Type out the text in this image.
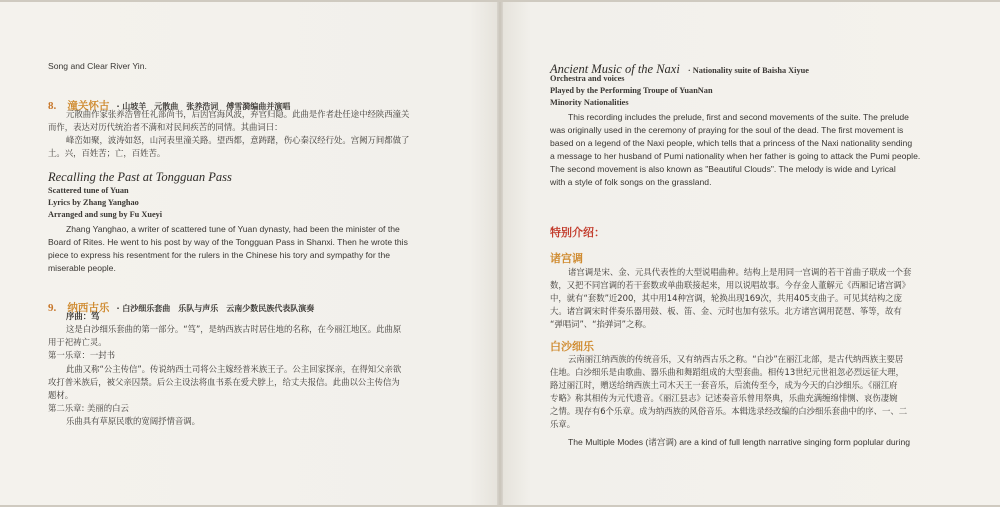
Song and Clear River Yin.
8. 潼关怀古 · 山坡羊　元散曲　张养浩词　傅雪漪编曲并演唱
元散曲作家张养浩曾任礼部尚书，后因官海风波，弃官归隐。此曲是作者赴任途中经陕西潼关
而作，表达对历代统治者不满和对民间疾苦的同情。其曲词曰：
峰峦如聚，波涛如怒，山河表里潼关路。望西都，意踌躇，伤心秦汉经行处。宫阙万间都做了
土。兴，百姓苦；亡，百姓苦。
Recalling the Past at Tongguan Pass
Scattered tune of Yuan
Lyrics by Zhang Yanghao
Arranged and sung by Fu Xueyi
Zhang Yanghao, a writer of scattered tune of Yuan dynasty, had been the minister of the
Board of Rites. He went to his post by way of the Tongguan Pass in Shanxi. Then he wrote this
piece to express his resentment for the rulers in the Chinese his tory and sympathy for the
miserable people.
9. 纳西古乐 · 白沙细乐套曲　乐队与声乐　云南少数民族代表队演奏
序曲：笃
这是白沙细乐套曲的第一部分。“笃”，是纳西族古时居住地的名称，在今丽江地区。此曲原
用于祀祷亡灵。
第一乐章：一封书
此曲又称“公主传信”。传说纳西土司将公主嫁经普米族王子。公主回家探亲，在得知父亲欲
攻打普米族后，被父亲囚禁。后公主设法将血书系在爱犬脖上，给丈夫报信。此曲以公主传信为
题材。
第二乐章: 美丽的白云
乐曲具有草原民歌的宽阔抒情音调。
Ancient Music of the Naxi · Nationality suite of Baisha Xiyue
Orchestra and voices
Played by the Performing Troupe of YuanNan
Minority Nationalities
This recording includes the prelude, first and second movements of the suite. The prelude
was originally used in the ceremony of praying for the soul of the dead. The first movement is
based on a legend of the Naxi people, which tells that a princess of the Naxi nationality sending
a message to her husband of Pumi nationality when her father is going to attack the Pumi people.
The second movement is also known as "Beautiful Clouds". The melody is wide and Lyrical
with a style of folk songs on the grassland.
特别介绍：
诸宫调
诸宫调是宋、金、元具代表性的大型说唱曲种。结构上是用同一宫调的若干首曲子联成一个套
数，又把不同宫调的若干套数或单曲联接起来，用以说唱故事。今存金人董解元《西厢记诸宫调》
中，就有“套数”近200，其中用14种宫调，轮换出现169次，共用405支曲子。可见其结构之庞
大。诸宫调宋时伴奏乐器用鼓、板、笛、金、元时也加有弦乐。北方诸宫调用琵琶、筝等，故有
“弹唱词”、“掐弹词”之称。
白沙细乐
云南丽江纳西族的传统音乐，又有纳西古乐之称。“白沙”在丽江北部，是古代纳西族主要居
住地。白沙细乐是由歌曲、器乐曲和舞蹈组成的大型套曲。相传13世纪元世祖忽必烈远征大理，
路过丽江时，赠送给纳西族土司木天王一套音乐，后流传至今，成为今天的白沙细乐。《丽江府
专略》称其相传为元代遗音。《丽江县志》记述奏音乐曾用祭典，乐曲充满缠绵悱恻、哀伤凄婉
之情。现存有6个乐章。成为纳西族的风俗音乐。本辑选录经改编的白沙细乐套曲中的序、一、二
乐章。
The Multiple Modes (诸宫调) are a kind of full length narrative singing form poplular during
